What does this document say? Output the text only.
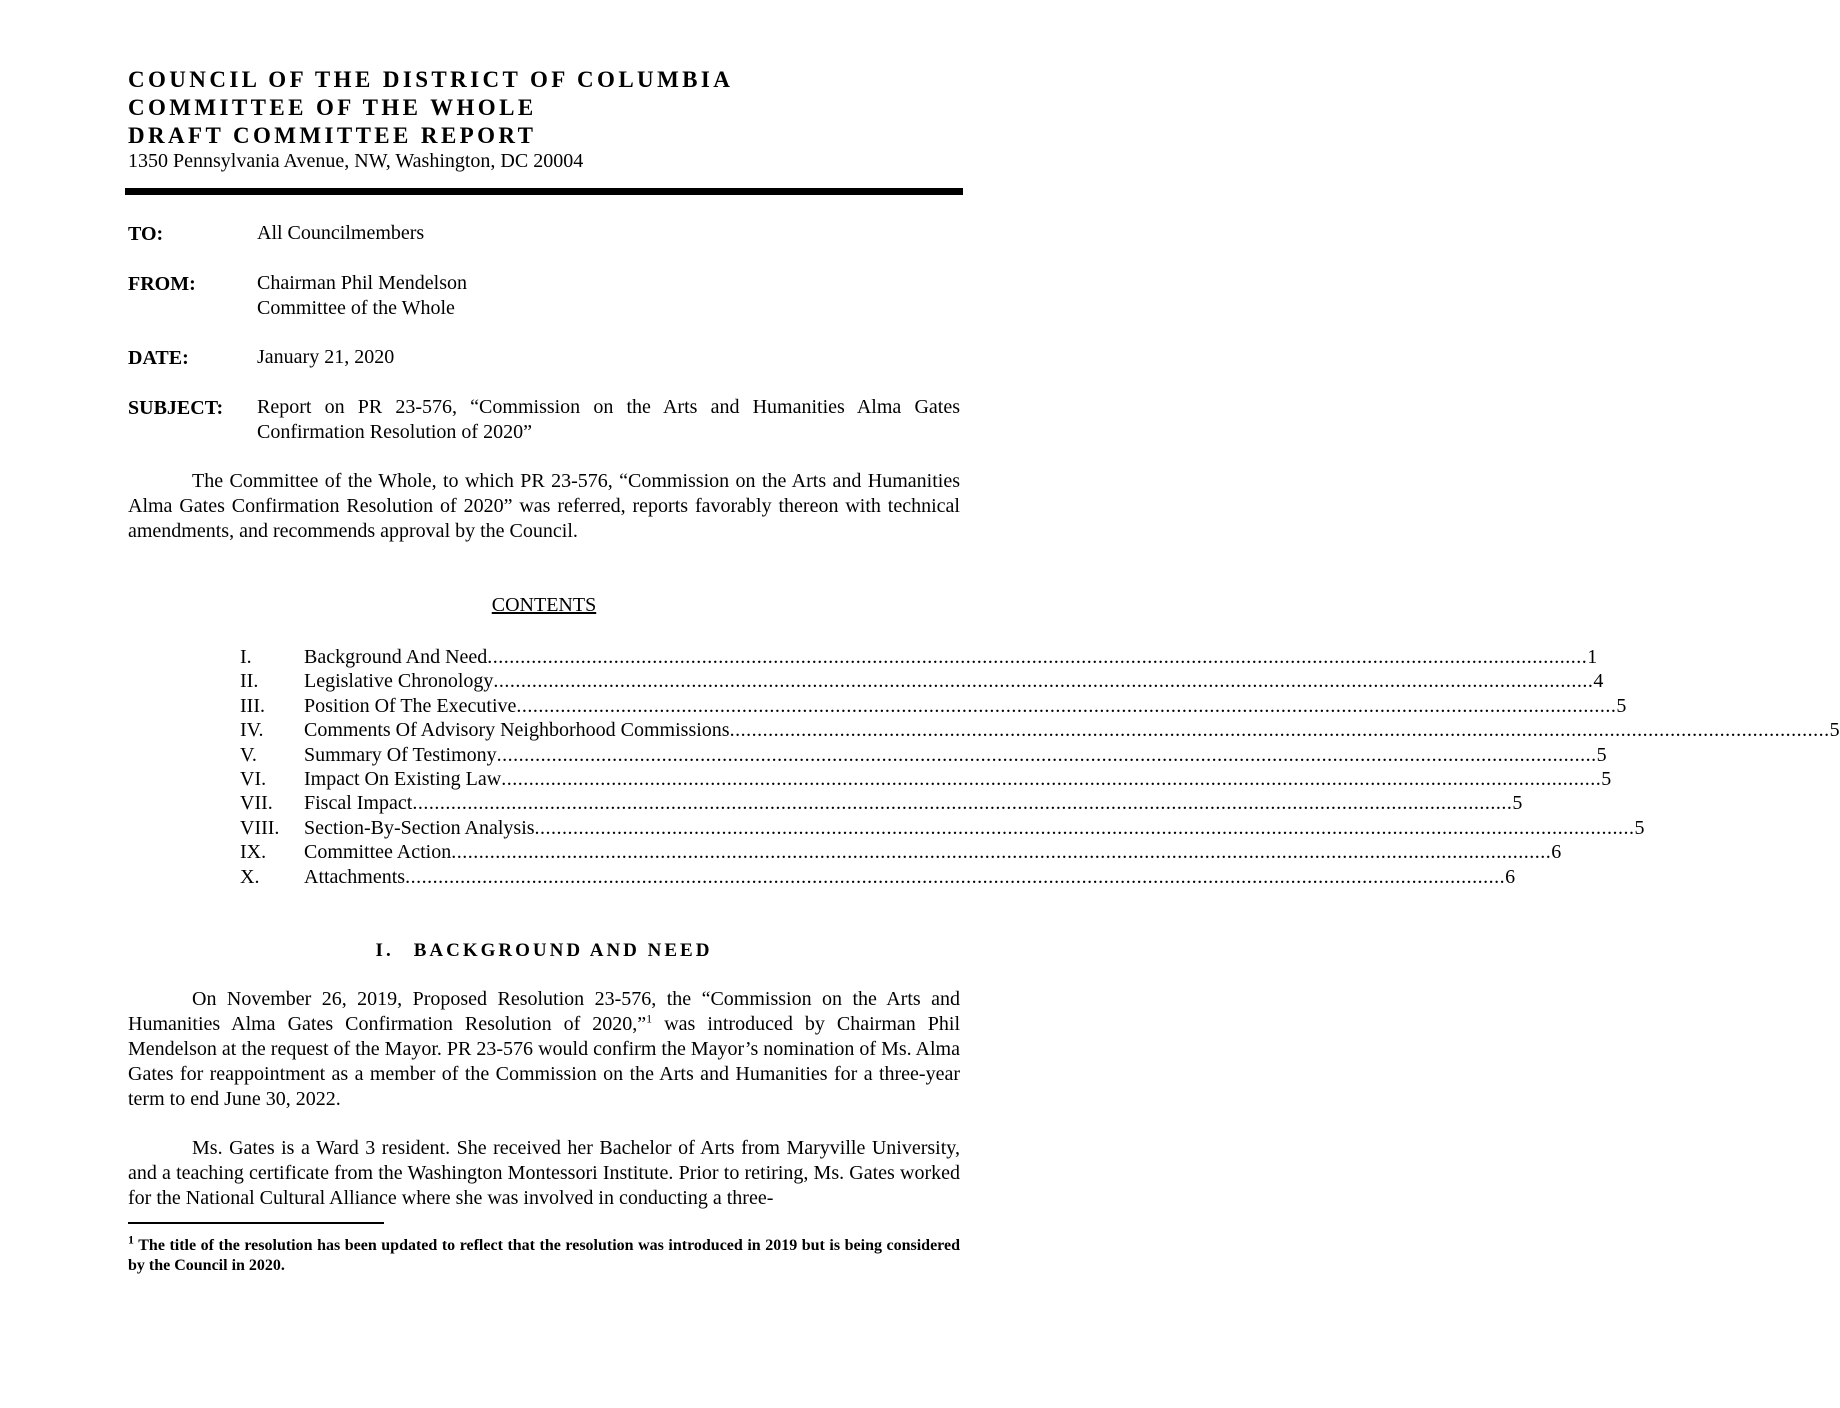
COUNCIL OF THE DISTRICT OF COLUMBIA
COMMITTEE OF THE WHOLE
DRAFT COMMITTEE REPORT
1350 Pennsylvania Avenue, NW, Washington, DC 20004
TO:	All Councilmembers
FROM:	Chairman Phil Mendelson
Committee of the Whole
DATE:	January 21, 2020
SUBJECT: Report on PR 23-576, “Commission on the Arts and Humanities Alma Gates Confirmation Resolution of 2020”

The Committee of the Whole, to which PR 23-576, “Commission on the Arts and Humanities Alma Gates Confirmation Resolution of 2020” was referred, reports favorably thereon with technical amendments, and recommends approval by the Council.

CONTENTS
I.	Background And Need ........................................................................................................................................................................................................ 1
II. Legislative Chronology ........................................................................................................................................................................................................ 4
III. Position Of The Executive ........................................................................................................................................................................................................ 5
IV. Comments Of Advisory Neighborhood Commissions ........................................................................................................................................................................................................ 5
V. Summary Of Testimony ........................................................................................................................................................................................................ 5
VI. Impact On Existing Law ........................................................................................................................................................................................................ 5
VII. Fiscal Impact ........................................................................................................................................................................................................ 5
VIII. Section-By-Section Analysis ........................................................................................................................................................................................................ 5
IX. Committee Action ........................................................................................................................................................................................................ 6
X. Attachments ........................................................................................................................................................................................................ 6
I. BACKGROUND AND NEED

On November 26, 2019, Proposed Resolution 23-576, the “Commission on the Arts and Humanities Alma Gates Confirmation Resolution of 2020,”$^1$ was introduced by Chairman Phil Mendelson at the request of the Mayor. PR 23-576 would confirm the Mayor’s nomination of Ms. Alma Gates for reappointment as a member of the Commission on the Arts and Humanities for a three-year term to end June 30, 2022.

Ms. Gates is a Ward 3 resident. She received her Bachelor of Arts from Maryville University, and a teaching certificate from the Washington Montessori Institute. Prior to retiring, Ms. Gates worked for the National Cultural Alliance where she was involved in conducting a three-

$^1$ The title of the resolution has been updated to reflect that the resolution was introduced in 2019 but is being considered by the Council in 2020.
